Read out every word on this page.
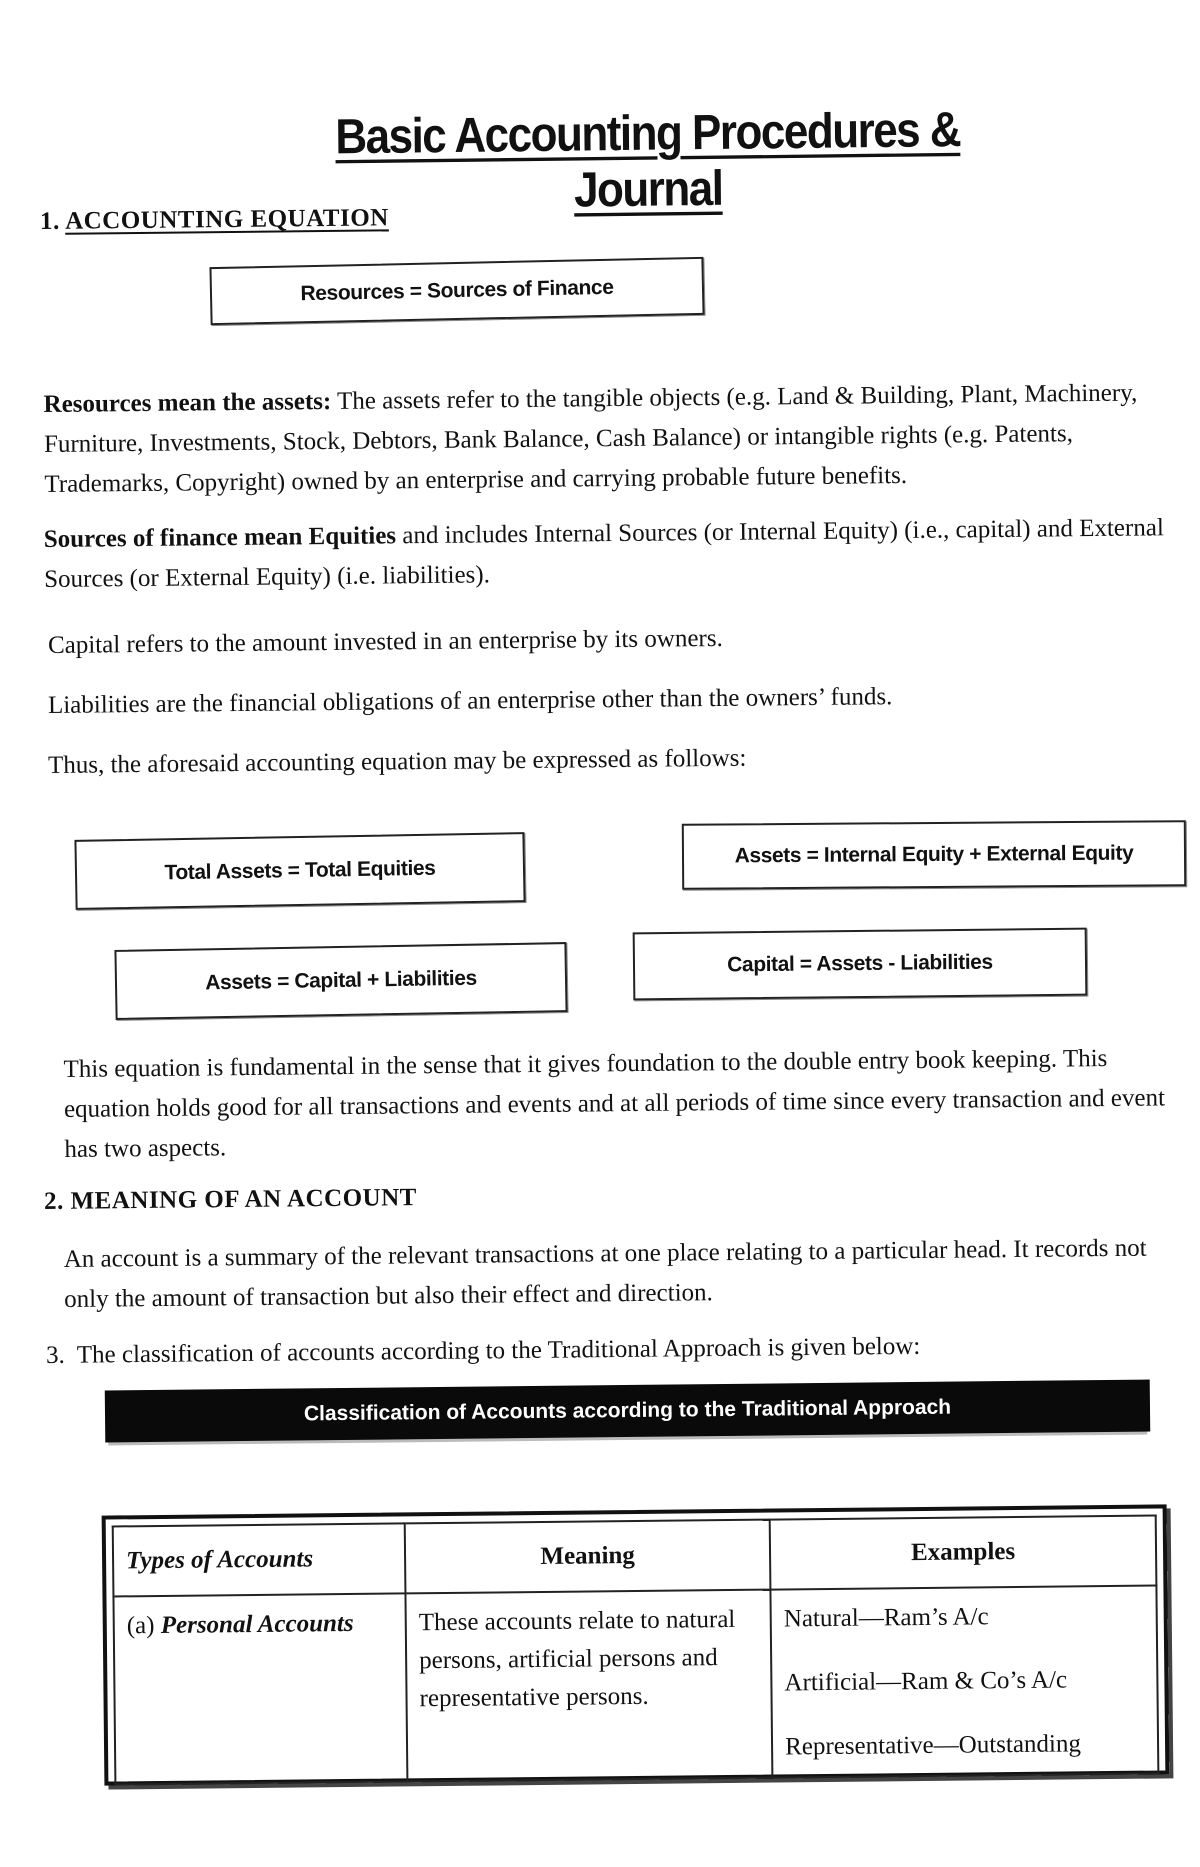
Basic Accounting Procedures & Journal
1. ACCOUNTING EQUATION
Resources = Sources of Finance
Resources mean the assets: The assets refer to the tangible objects (e.g. Land & Building, Plant, Machinery, Furniture, Investments, Stock, Debtors, Bank Balance, Cash Balance) or intangible rights (e.g. Patents, Trademarks, Copyright) owned by an enterprise and carrying probable future benefits.
Sources of finance mean Equities and includes Internal Sources (or Internal Equity) (i.e., capital) and External Sources (or External Equity) (i.e. liabilities).
Capital refers to the amount invested in an enterprise by its owners.
Liabilities are the financial obligations of an enterprise other than the owners’ funds.
Thus, the aforesaid accounting equation may be expressed as follows:
Total Assets = Total Equities
Assets = Internal Equity + External Equity
Assets = Capital + Liabilities
Capital = Assets - Liabilities
This equation is fundamental in the sense that it gives foundation to the double entry book keeping. This equation holds good for all transactions and events and at all periods of time since every transaction and event has two aspects.
2. MEANING OF AN ACCOUNT
An account is a summary of the relevant transactions at one place relating to a particular head. It records not only the amount of transaction but also their effect and direction.
3. The classification of accounts according to the Traditional Approach is given below:
Classification of Accounts according to the Traditional Approach
Types of Accounts	Meaning	Examples
(a) Personal Accounts	These accounts relate to natural persons, artificial persons and representative persons.	Natural—Ram’s A/c
Artificial—Ram & Co’s A/c
Representative—Outstanding
